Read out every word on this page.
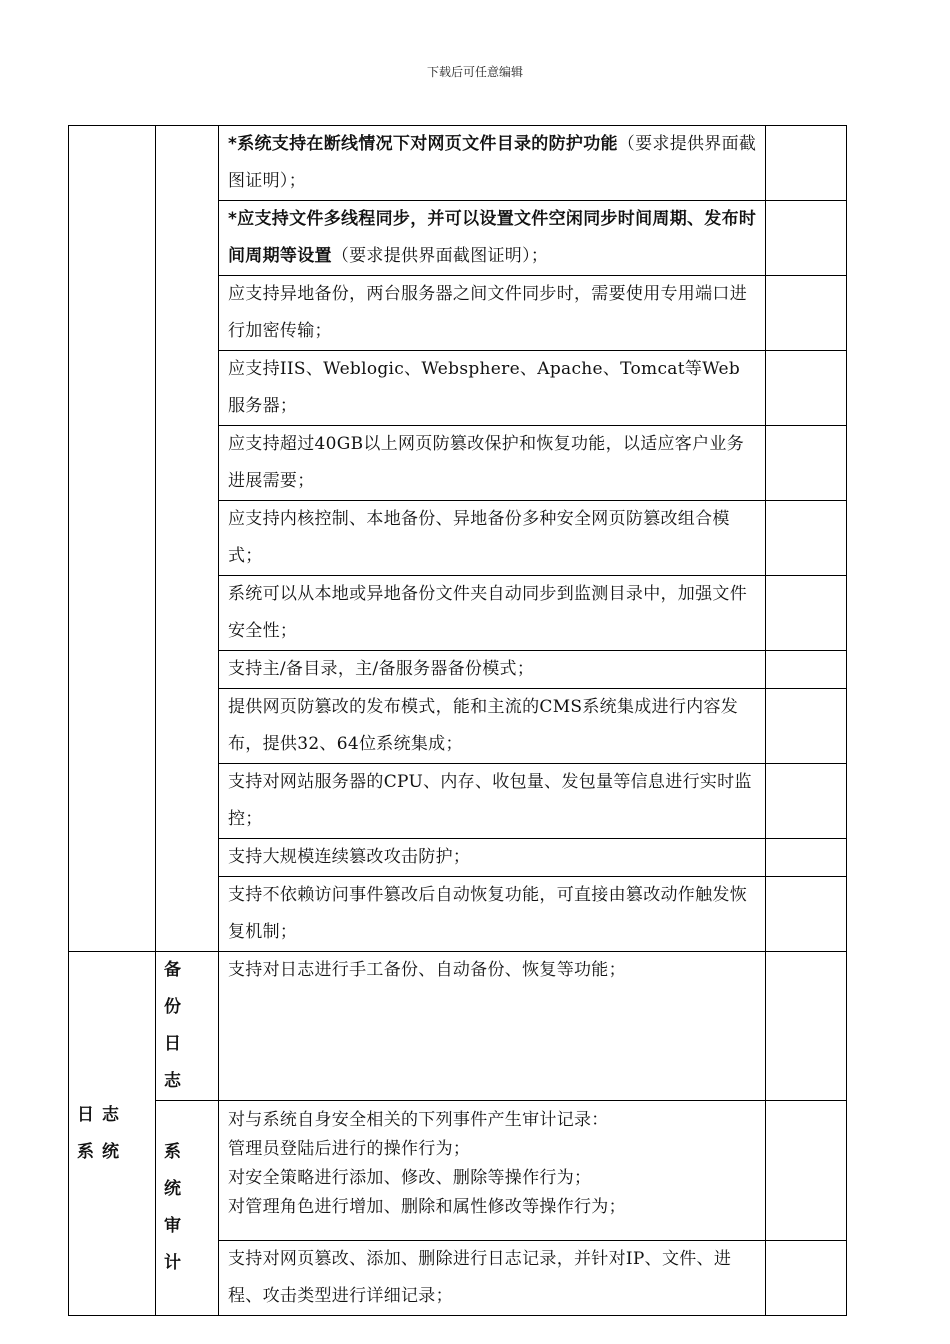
下载后可任意编辑
		*系统支持在断线情况下对网页文件目录的防护功能（要求提供界面截图证明）；	
		*应支持文件多线程同步，并可以设置文件空闲同步时间周期、发布时间周期等设置（要求提供界面截图证明）；	
		应支持异地备份，两台服务器之间文件同步时，需要使用专用端口进行加密传输；	
		应支持IIS、Weblogic、Websphere、Apache、Tomcat等Web服务器；	
		应支持超过40GB以上网页防篡改保护和恢复功能，以适应客户业务进展需要；	
		应支持内核控制、本地备份、异地备份多种安全网页防篡改组合模式；	
		系统可以从本地或异地备份文件夹自动同步到监测目录中，加强文件安全性；	
		支持主/备目录，主/备服务器备份模式；	
		提供网页防篡改的发布模式，能和主流的CMS系统集成进行内容发布，提供32、64位系统集成；	
		支持对网站服务器的CPU、内存、收包量、发包量等信息进行实时监控；	
		支持大规模连续篡改攻击防护；	
		支持不依赖访问事件篡改后自动恢复功能，可直接由篡改动作触发恢复机制；	
日志系统	备份日志	支持对日志进行手工备份、自动备份、恢复等功能；	
	系统审计	对与系统自身安全相关的下列事件产生审计记录：
管理员登陆后进行的操作行为；
对安全策略进行添加、修改、删除等操作行为；
对管理角色进行增加、删除和属性修改等操作行为；	

		支持对网页篡改、添加、删除进行日志记录，并针对IP、文件、进程、攻击类型进行详细记录；	
